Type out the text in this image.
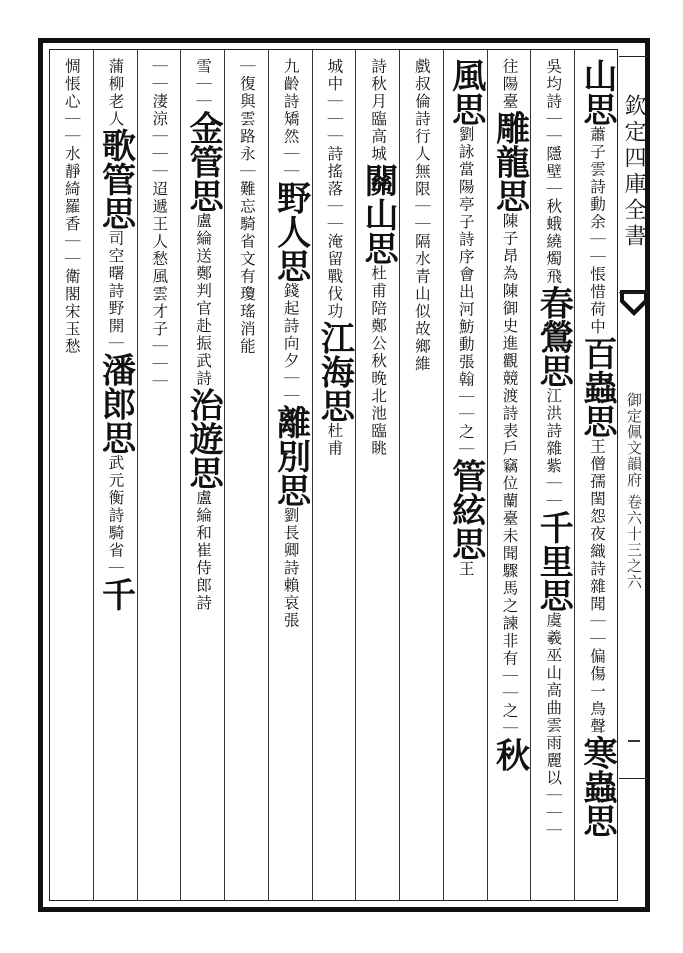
欽定四庫全書
御定佩文韻府 卷六十三之六
山思蕭子雲詩動余｜｜悵惜荷中百蟲思王僧孺閨怨夜織詩雜聞｜｜偏傷一鳥聲寒蟲思
吳均詩｜｜隱壁｜秋蛾繞燭飛春鶯思江洪詩雜紫｜｜千里思虞羲巫山高曲雲雨麗以｜｜｜
往陽臺雕龍思陳子昂為陳御史進觀競渡詩表戶竊位蘭臺未聞驟馬之諫非有｜｜之｜秋
風思劉詠當陽亭子詩序會出河魴動張翰｜｜之｜管絃思王
戲叔倫詩行人無限｜｜隔水青山似故鄉維
詩秋月臨高城關山思杜甫陪鄭公秋晚北池臨眺
城中｜｜｜詩搖落｜｜淹留戰伐功江海思杜甫
九齡詩矯然｜｜野人思錢起詩向夕｜｜離別思劉長卿詩賴哀張
｜復與雲路永｜難忘騎省文有瓊瑤消能
雪｜｜金管思盧綸送鄭判官赴振武詩治遊思盧綸和崔侍郎詩
｜｜淒涼｜｜｜迢遞王人愁風雲才子｜｜｜
蒲柳老人歌管思司空曙詩野開｜潘郎思武元衡詩騎省｜千
惆悵心｜｜水靜綺羅香｜｜衛閣宋玉愁
